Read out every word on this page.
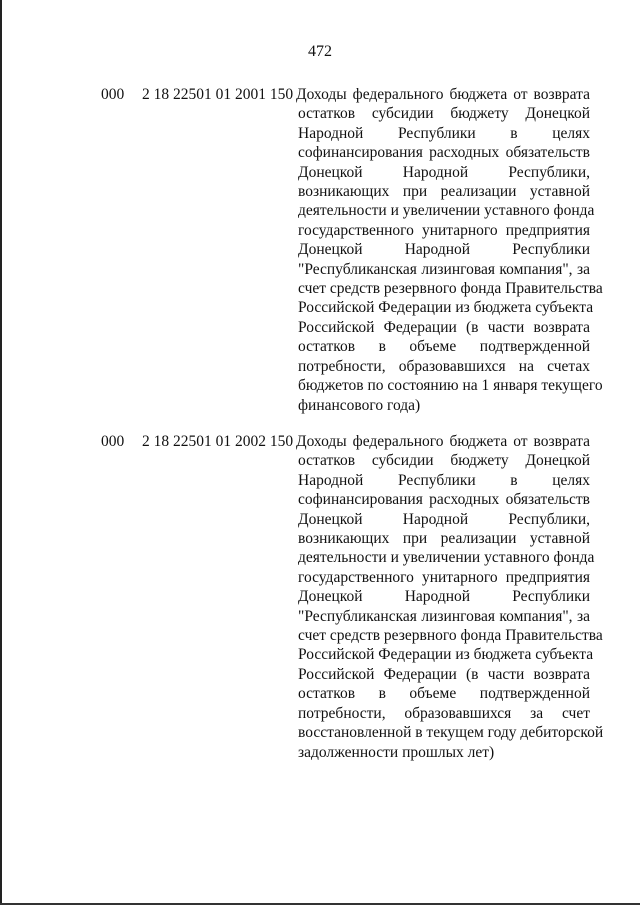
472
000 2 18 22501 01 2001 150 Доходы федерального бюджета от возврата
остатков субсидии бюджету Донецкой
Народной Республики в целях
софинансирования расходных обязательств
Донецкой Народной Республики,
возникающих при реализации уставной
деятельности и увеличении уставного фонда
государственного унитарного предприятия
Донецкой Народной Республики
"Республиканская лизинговая компания", за
счет средств резервного фонда Правительства
Российской Федерации из бюджета субъекта
Российской Федерации (в части возврата
остатков в объеме подтвержденной
потребности, образовавшихся на счетах
бюджетов по состоянию на 1 января текущего
финансового года)
000 2 18 22501 01 2002 150 Доходы федерального бюджета от возврата
остатков субсидии бюджету Донецкой
Народной Республики в целях
софинансирования расходных обязательств
Донецкой Народной Республики,
возникающих при реализации уставной
деятельности и увеличении уставного фонда
государственного унитарного предприятия
Донецкой Народной Республики
"Республиканская лизинговая компания", за
счет средств резервного фонда Правительства
Российской Федерации из бюджета субъекта
Российской Федерации (в части возврата
остатков в объеме подтвержденной
потребности, образовавшихся за счет
восстановленной в текущем году дебиторской
задолженности прошлых лет)
